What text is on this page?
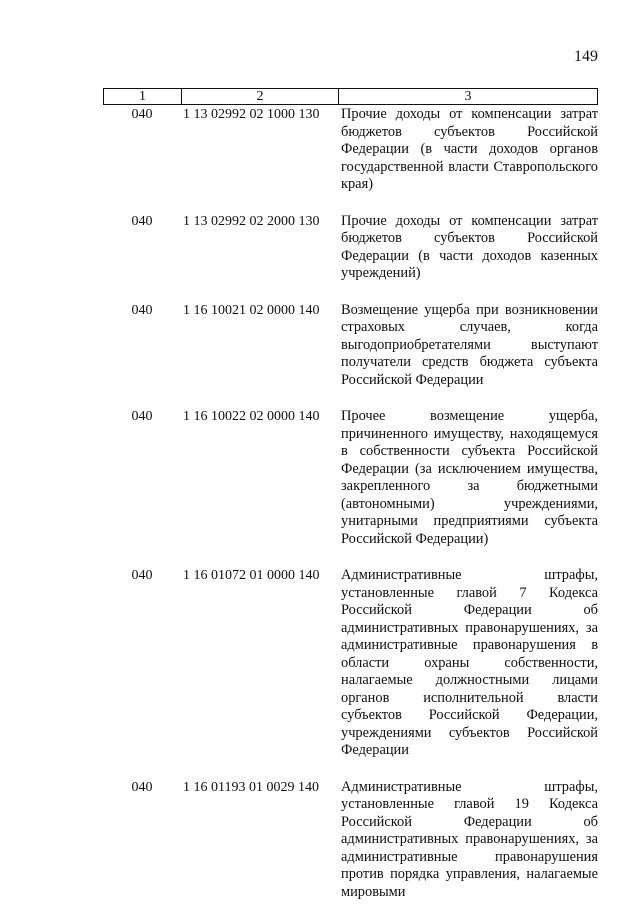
149
1	2	3
040	1 13 02992 02 1000 130	Прочие доходы от компенсации затрат бюджетов субъектов Российской Федерации (в части доходов органов государственной власти Ставропольского края)
040	1 13 02992 02 2000 130	Прочие доходы от компенсации затрат бюджетов субъектов Российской Федерации (в части доходов казенных учреждений)
040	1 16 10021 02 0000 140	Возмещение ущерба при возникновении страховых случаев, когда выгодоприобретателями выступают получатели средств бюджета субъекта Российской Федерации
040	1 16 10022 02 0000 140	Прочее возмещение ущерба, причиненного имуществу, находящемуся в собственности субъекта Российской Федерации (за исключением имущества, закрепленного за бюджетными (автономными) учреждениями, унитарными предприятиями субъекта Российской Федерации)
040	1 16 01072 01 0000 140	Административные штрафы, установленные главой 7 Кодекса Российской Федерации об административных правонарушениях, за административные правонарушения в области охраны собственности, налагаемые должностными лицами органов исполнительной власти субъектов Российской Федерации, учреждениями субъектов Российской Федерации
040	1 16 01193 01 0029 140	Административные штрафы, установленные главой 19 Кодекса Российской Федерации об административных правонарушениях, за административные правонарушения против порядка управления, налагаемые мировыми
